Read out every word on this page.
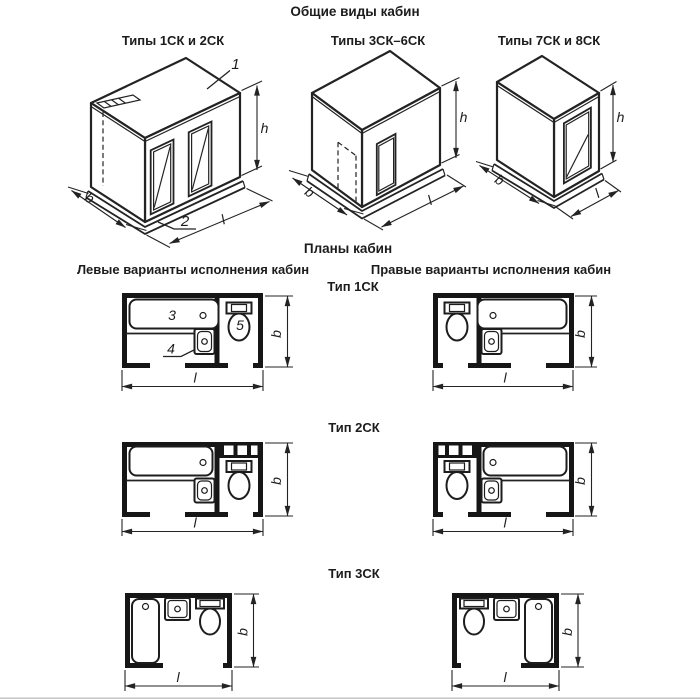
Общие виды кабин
Типы 1СК и 2СК	Типы 3СК–6СК	Типы 7СК и 8СК
1
2
h
b
l
h
b	l
h
b
l
Планы кабин
Левые варианты исполнения кабин	Правые варианты исполнения кабин
Тип 1СК
3
4
5
b
l
b
l
Тип 2СК
b
l
b
l
Тип 3СК
b
l
b
l
